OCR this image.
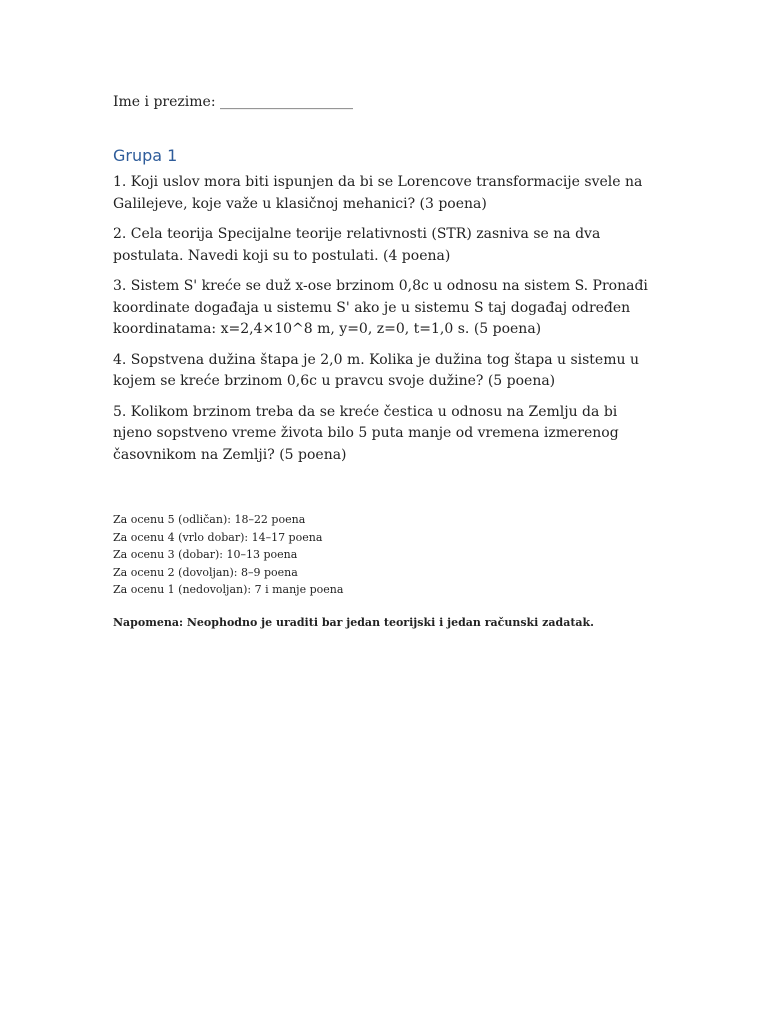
Ime i prezime: ___________________
Grupa 1

1. Koji uslov mora biti ispunjen da bi se Lorencove transformacije svele na Galilejeve, koje važe u klasičnoj mehanici? (3 poena)

2. Cela teorija Specijalne teorije relativnosti (STR) zasniva se na dva postulata. Navedi koji su to postulati. (4 poena)

3. Sistem S' kreće se duž x-ose brzinom 0,8c u odnosu na sistem S. Pronađi koordinate događaja u sistemu S' ako je u sistemu S taj događaj određen koordinatama: x=2,4×10^8 m, y=0, z=0, t=1,0 s. (5 poena)

4. Sopstvena dužina štapa je 2,0 m. Kolika je dužina tog štapa u sistemu u kojem se kreće brzinom 0,6c u pravcu svoje dužine? (5 poena)

5. Kolikom brzinom treba da se kreće čestica u odnosu na Zemlju da bi njeno sopstveno vreme života bilo 5 puta manje od vremena izmerenog časovnikom na Zemlji? (5 poena)

Za ocenu 5 (odličan): 18–22 poena

Za ocenu 4 (vrlo dobar): 14–17 poena

Za ocenu 3 (dobar): 10–13 poena

Za ocenu 2 (dovoljan): 8–9 poena

Za ocenu 1 (nedovoljan): 7 i manje poena

Napomena: Neophodno je uraditi bar jedan teorijski i jedan računski zadatak.
